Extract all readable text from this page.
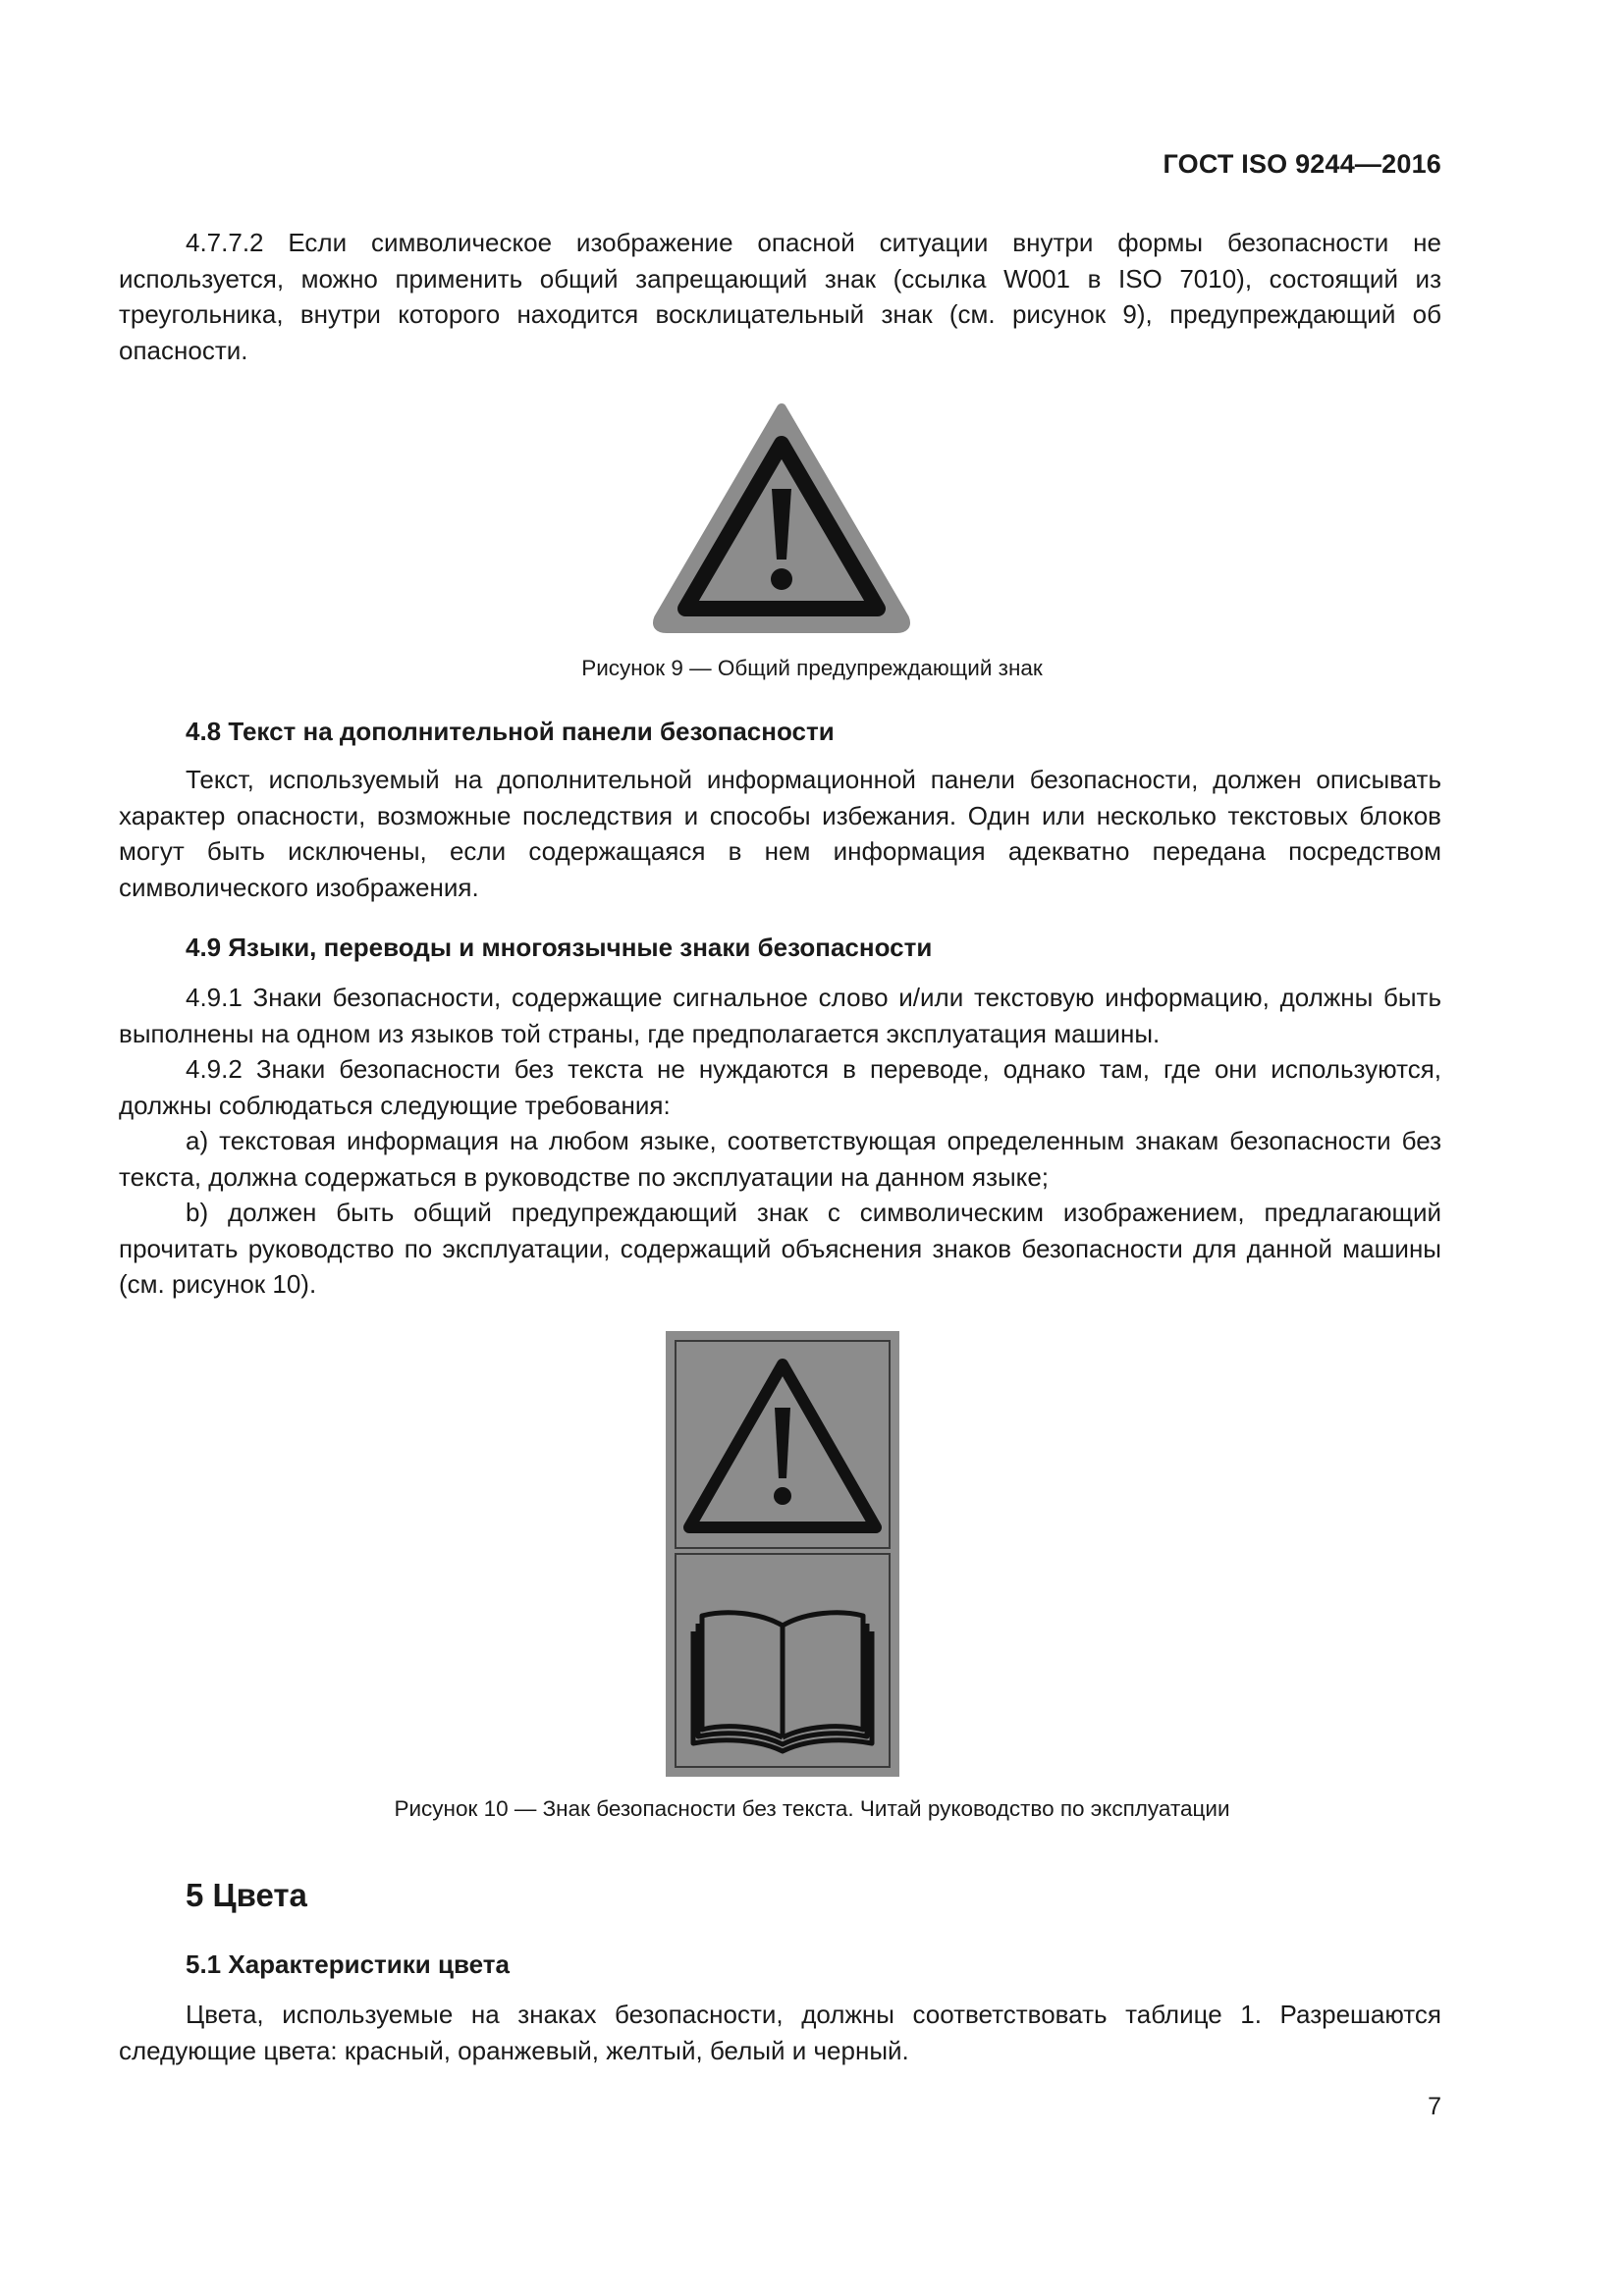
ГОСТ ISO 9244—2016

4.7.7.2 Если символическое изображение опасной ситуации внутри формы безопасности не используется, можно применить общий запрещающий знак (ссылка W001 в ISO 7010), состоящий из треугольника, внутри которого находится восклицательный знак (см. рисунок 9), предупреждающий об опасности.

Рисунок 9 — Общий предупреждающий знак
4.8 Текст на дополнительной панели безопасности

Текст, используемый на дополнительной информационной панели безопасности, должен описывать характер опасности, возможные последствия и способы избежания. Один или несколько текстовых блоков могут быть исключены, если содержащаяся в нем информация адекватно передана посредством символического изображения.

4.9 Языки, переводы и многоязычные знаки безопасности

4.9.1 Знаки безопасности, содержащие сигнальное слово и/или текстовую информацию, должны быть выполнены на одном из языков той страны, где предполагается эксплуатация машины.

4.9.2 Знаки безопасности без текста не нуждаются в переводе, однако там, где они используются, должны соблюдаться следующие требования:

a) текстовая информация на любом языке, соответствующая определенным знакам безопасности без текста, должна содержаться в руководстве по эксплуатации на данном языке;

b) должен быть общий предупреждающий знак с символическим изображением, предлагающий прочитать руководство по эксплуатации, содержащий объяснения знаков безопасности для данной машины (см. рисунок 10).

Рисунок 10 — Знак безопасности без текста. Читай руководство по эксплуатации
5 Цвета
5.1 Характеристики цвета

Цвета, используемые на знаках безопасности, должны соответствовать таблице 1. Разрешаются следующие цвета: красный, оранжевый, желтый, белый и черный.

7
